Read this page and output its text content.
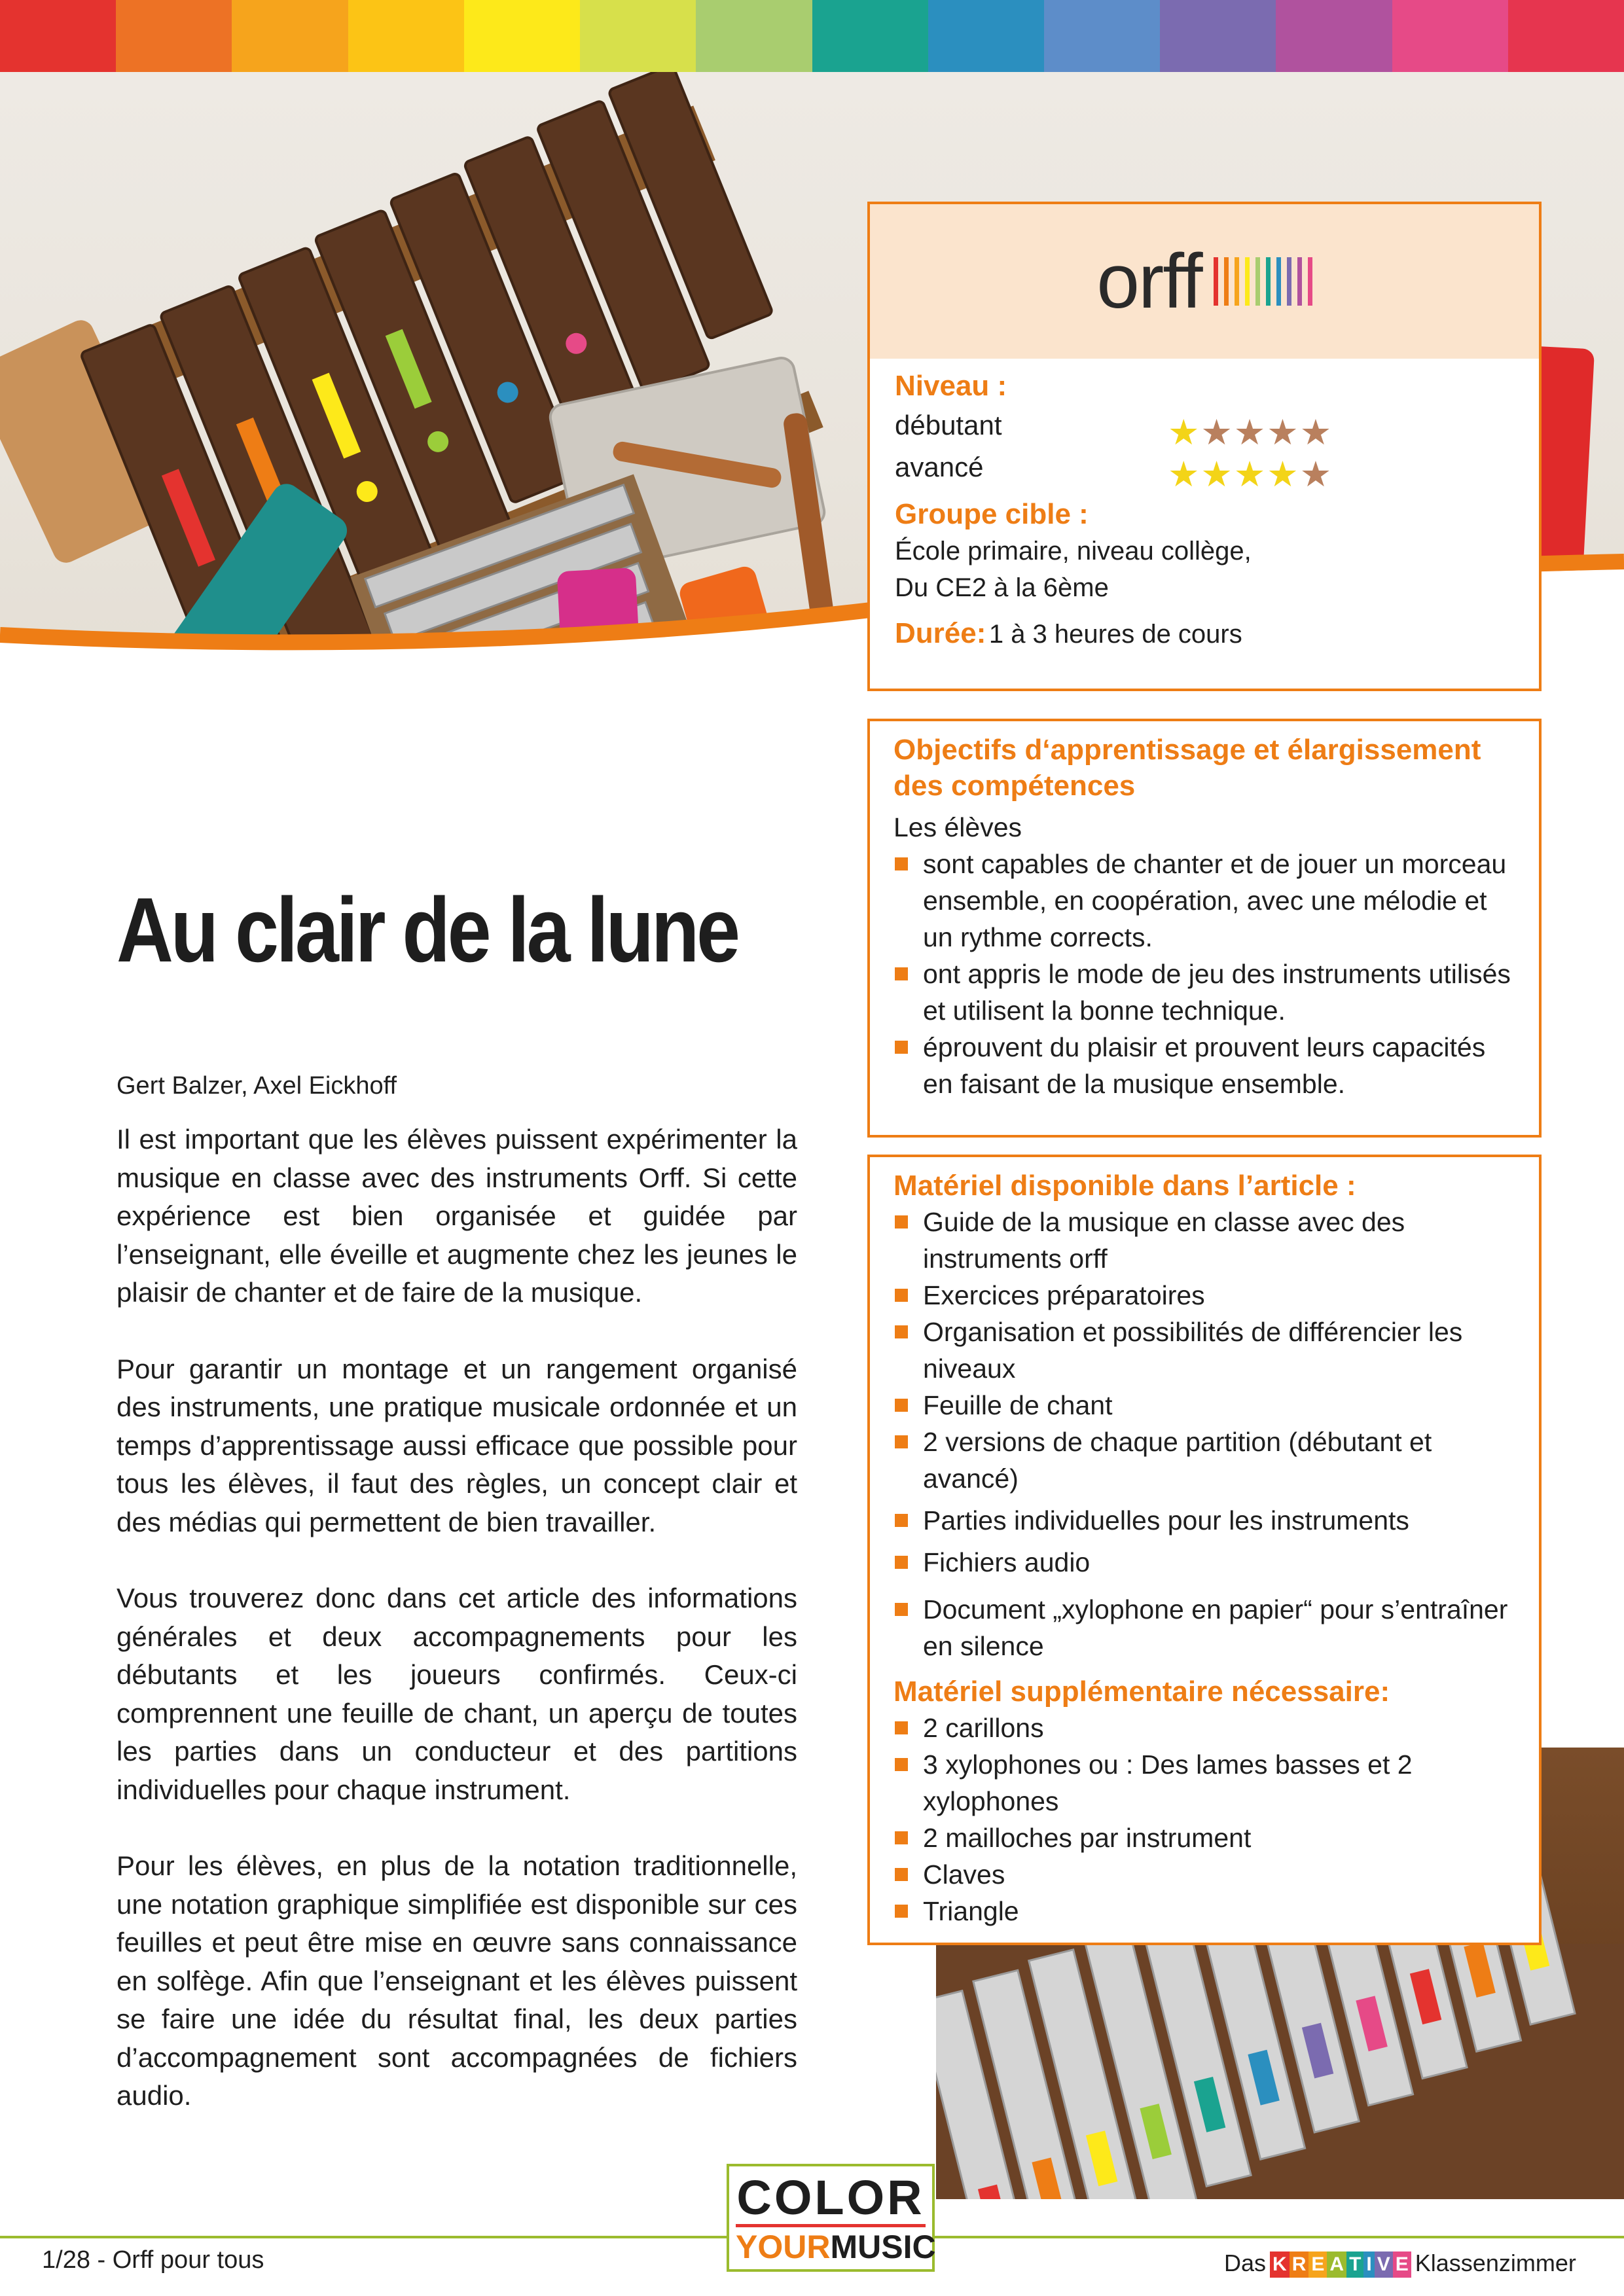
orff
Niveau :
débutant
avancé
★ ★ ★ ★ ★
★ ★ ★ ★ ★
Groupe cible :
École primaire, niveau collège,
Du CE2 à la 6ème
Durée: 1 à 3 heures de cours
Objectifs d‘apprentissage et élargissement des compétences

Les élèves

sont capables de chanter et de jouer un morceau ensemble, en coopération, avec une mélodie et un rythme corrects.
ont appris le mode de jeu des instruments utilisés et utilisent la bonne technique.
éprouvent du plaisir et prouvent leurs capacités en faisant de la musique ensemble.
Matériel disponible dans l’article :
Guide de la musique en classe avec des instruments orff
Exercices préparatoires
Organisation et possibilités de différencier les niveaux
Feuille de chant
2 versions de chaque partition (débutant et avancé)
Parties individuelles pour les instruments
Fichiers audio
Document „xylophone en papier“ pour s’entraîner en silence
Matériel supplémentaire nécessaire:
2 carillons
3 xylophones ou : Des lames basses et 2 xylophones
2 mailloches par instrument
Claves
Triangle
Au clair de la lune
Gert Balzer, Axel Eickhoff

Il est important que les élèves puissent expérimenter la musique en classe avec des instruments Orff. Si cette expérience est bien organisée et guidée par l’enseignant, elle éveille et augmente chez les jeunes le plaisir de chanter et de faire de la musique.

Pour garantir un montage et un rangement organisé des instruments, une pratique musicale ordonnée et un temps d’apprentissage aussi efficace que possible pour tous les élèves, il faut des règles, un concept clair et des médias qui permettent de bien travailler.

Vous trouverez donc dans cet article des informations générales et deux accompagnements pour les débutants et les joueurs confirmés. Ceux-ci comprennent une feuille de chant, un aperçu de toutes les parties dans un conducteur et des partitions individuelles pour chaque instrument.

Pour les élèves, en plus de la notation traditionnelle, une notation graphique simplifiée est disponible sur ces feuilles et peut être mise en œuvre sans connaissance en solfège. Afin que l’enseignant et les élèves puissent se faire une idée du résultat final, les deux parties d’accompagnement sont accompagnées de fichiers audio.

1/28 - Orff pour tous
COLOR
YOURMUSIC	Das K R E A T I V E Klassenzimmer
